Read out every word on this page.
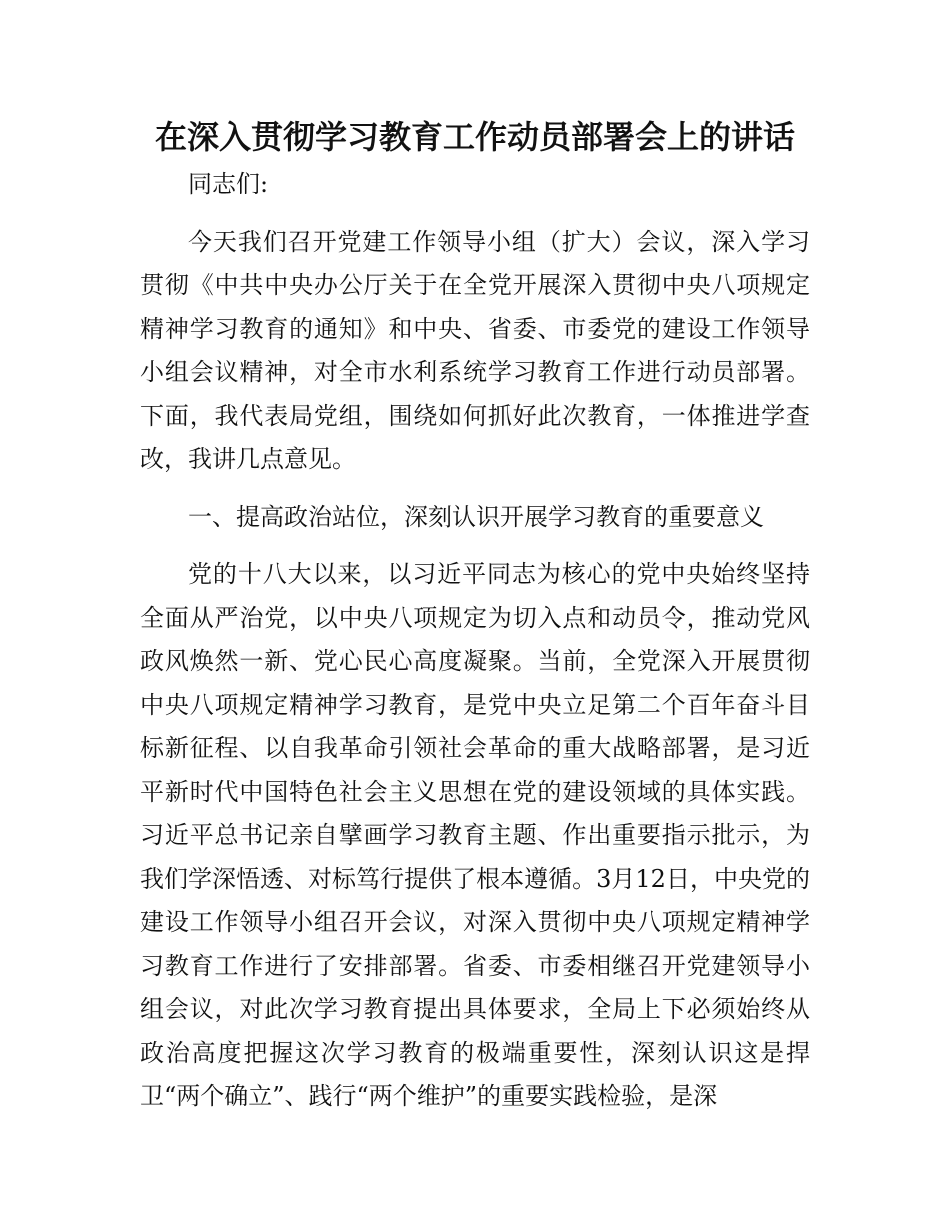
在深入贯彻学习教育工作动员部署会上的讲话

同志们:

今天我们召开党建工作领导小组（扩大）会议，深入学习贯彻《中共中央办公厅关于在全党开展深入贯彻中央八项规定精神学习教育的通知》和中央、省委、市委党的建设工作领导小组会议精神，对全市水利系统学习教育工作进行动员部署。下面，我代表局党组，围绕如何抓好此次教育，一体推进学查改，我讲几点意见。

一、提高政治站位，深刻认识开展学习教育的重要意义

党的十八大以来，以习近平同志为核心的党中央始终坚持全面从严治党，以中央八项规定为切入点和动员令，推动党风政风焕然一新、党心民心高度凝聚。当前，全党深入开展贯彻中央八项规定精神学习教育，是党中央立足第二个百年奋斗目标新征程、以自我革命引领社会革命的重大战略部署，是习近平新时代中国特色社会主义思想在党的建设领域的具体实践。习近平总书记亲自擘画学习教育主题、作出重要指示批示，为我们学深悟透、对标笃行提供了根本遵循。3月12日，中央党的建设工作领导小组召开会议，对深入贯彻中央八项规定精神学习教育工作进行了安排部署。省委、市委相继召开党建领导小组会议，对此次学习教育提出具体要求，全局上下必须始终从政治高度把握这次学习教育的极端重要性，深刻认识这是捍卫“两个确立”、践行“两个维护”的重要实践检验，是深
